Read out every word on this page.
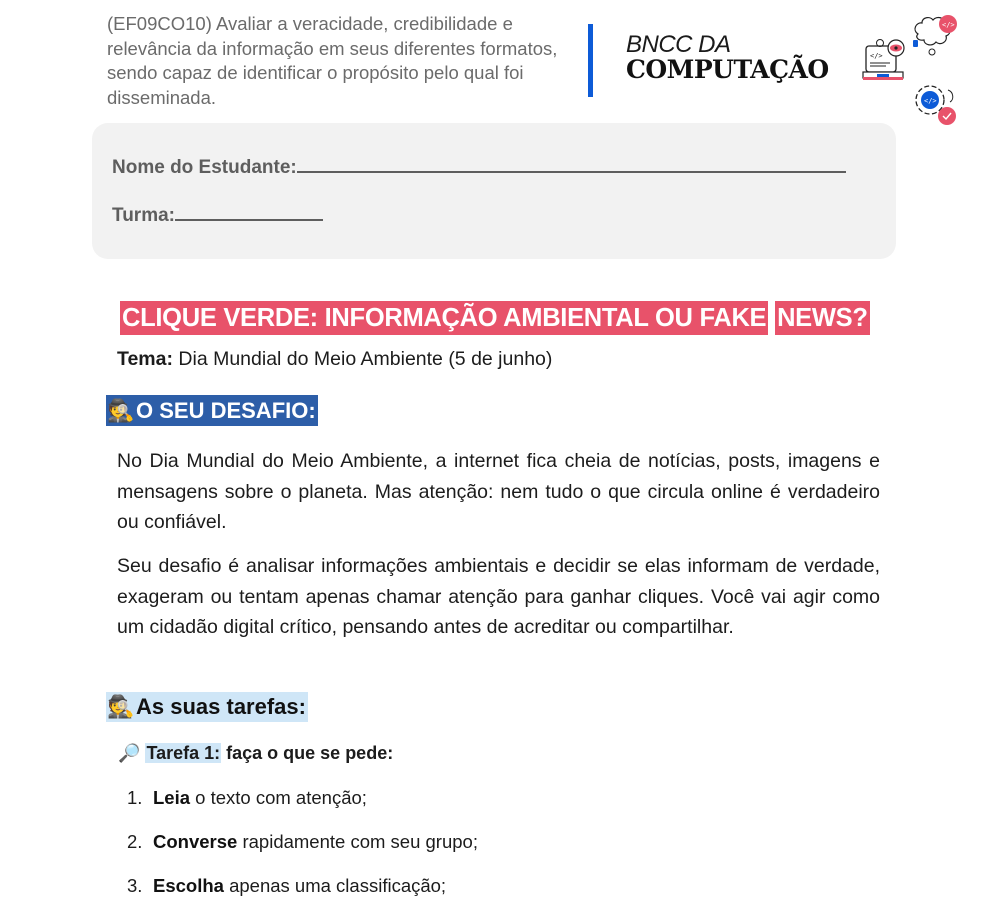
(EF09CO10) Avaliar a veracidade, credibilidade e relevância da informação em seus diferentes formatos, sendo capaz de identificar o propósito pelo qual foi disseminada.
BNCC DA
COMPUTAÇÃO	</>
</>
</>
Nome do Estudante:
Turma:
CLIQUE VERDE: INFORMAÇÃO AMBIENTAL OU FAKE NEWS?
Tema: Dia Mundial do Meio Ambiente (5 de junho)
🕵O SEU DESAFIO:

No Dia Mundial do Meio Ambiente, a internet fica cheia de notícias, posts, imagens e mensagens sobre o planeta. Mas atenção: nem tudo o que circula online é verdadeiro ou confiável.

Seu desafio é analisar informações ambientais e decidir se elas informam de verdade, exageram ou tentam apenas chamar atenção para ganhar cliques. Você vai agir como um cidadão digital crítico, pensando antes de acreditar ou compartilhar.

🕵As suas tarefas:
🔎 Tarefa 1: faça o que se pede:
1. Leia o texto com atenção;
2. Converse rapidamente com seu grupo;
3. Escolha apenas uma classificação;
